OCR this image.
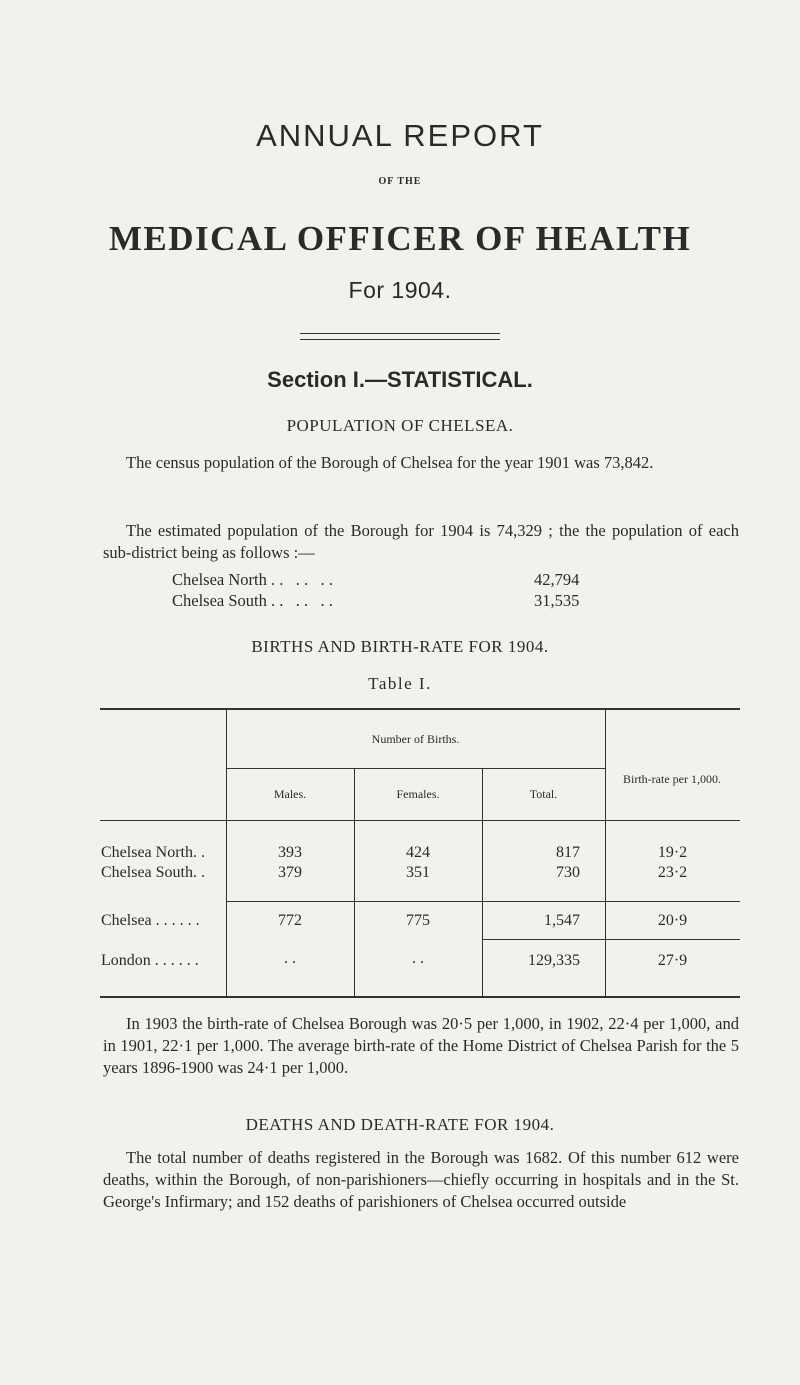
ANNUAL REPORT
OF THE
MEDICAL OFFICER OF HEALTH
For 1904.
Section I.—STATISTICAL.
POPULATION OF CHELSEA.
The census population of the Borough of Chelsea for the year 1901 was 73,842.
The estimated population of the Borough for 1904 is 74,329 ; the the population of each sub-district being as follows :—
Chelsea North . .   . .   . .	42,794
Chelsea South . .   . .   . .	31,535
BIRTHS AND BIRTH-RATE FOR 1904.
Table I.
Number of Births.
Birth-rate per 1,000.
Males.	Females.	Total.
Chelsea North. .	393	424	817	19·2
Chelsea South. .	379	351	730	23·2
Chelsea . . . . . .	772	775	1,547	20·9
London . . . . . .	. .	. .	129,335	27·9
In 1903 the birth-rate of Chelsea Borough was 20·5 per 1,000, in 1902, 22·4 per 1,000, and in 1901, 22·1 per 1,000. The average birth-rate of the Home District of Chelsea Parish for the 5 years 1896-1900 was 24·1 per 1,000.
DEATHS AND DEATH-RATE FOR 1904.
The total number of deaths registered in the Borough was 1682. Of this number 612 were deaths, within the Borough, of non-parishioners—chiefly occurring in hospitals and in the St. George's Infirmary; and 152 deaths of parishioners of Chelsea occurred outside
